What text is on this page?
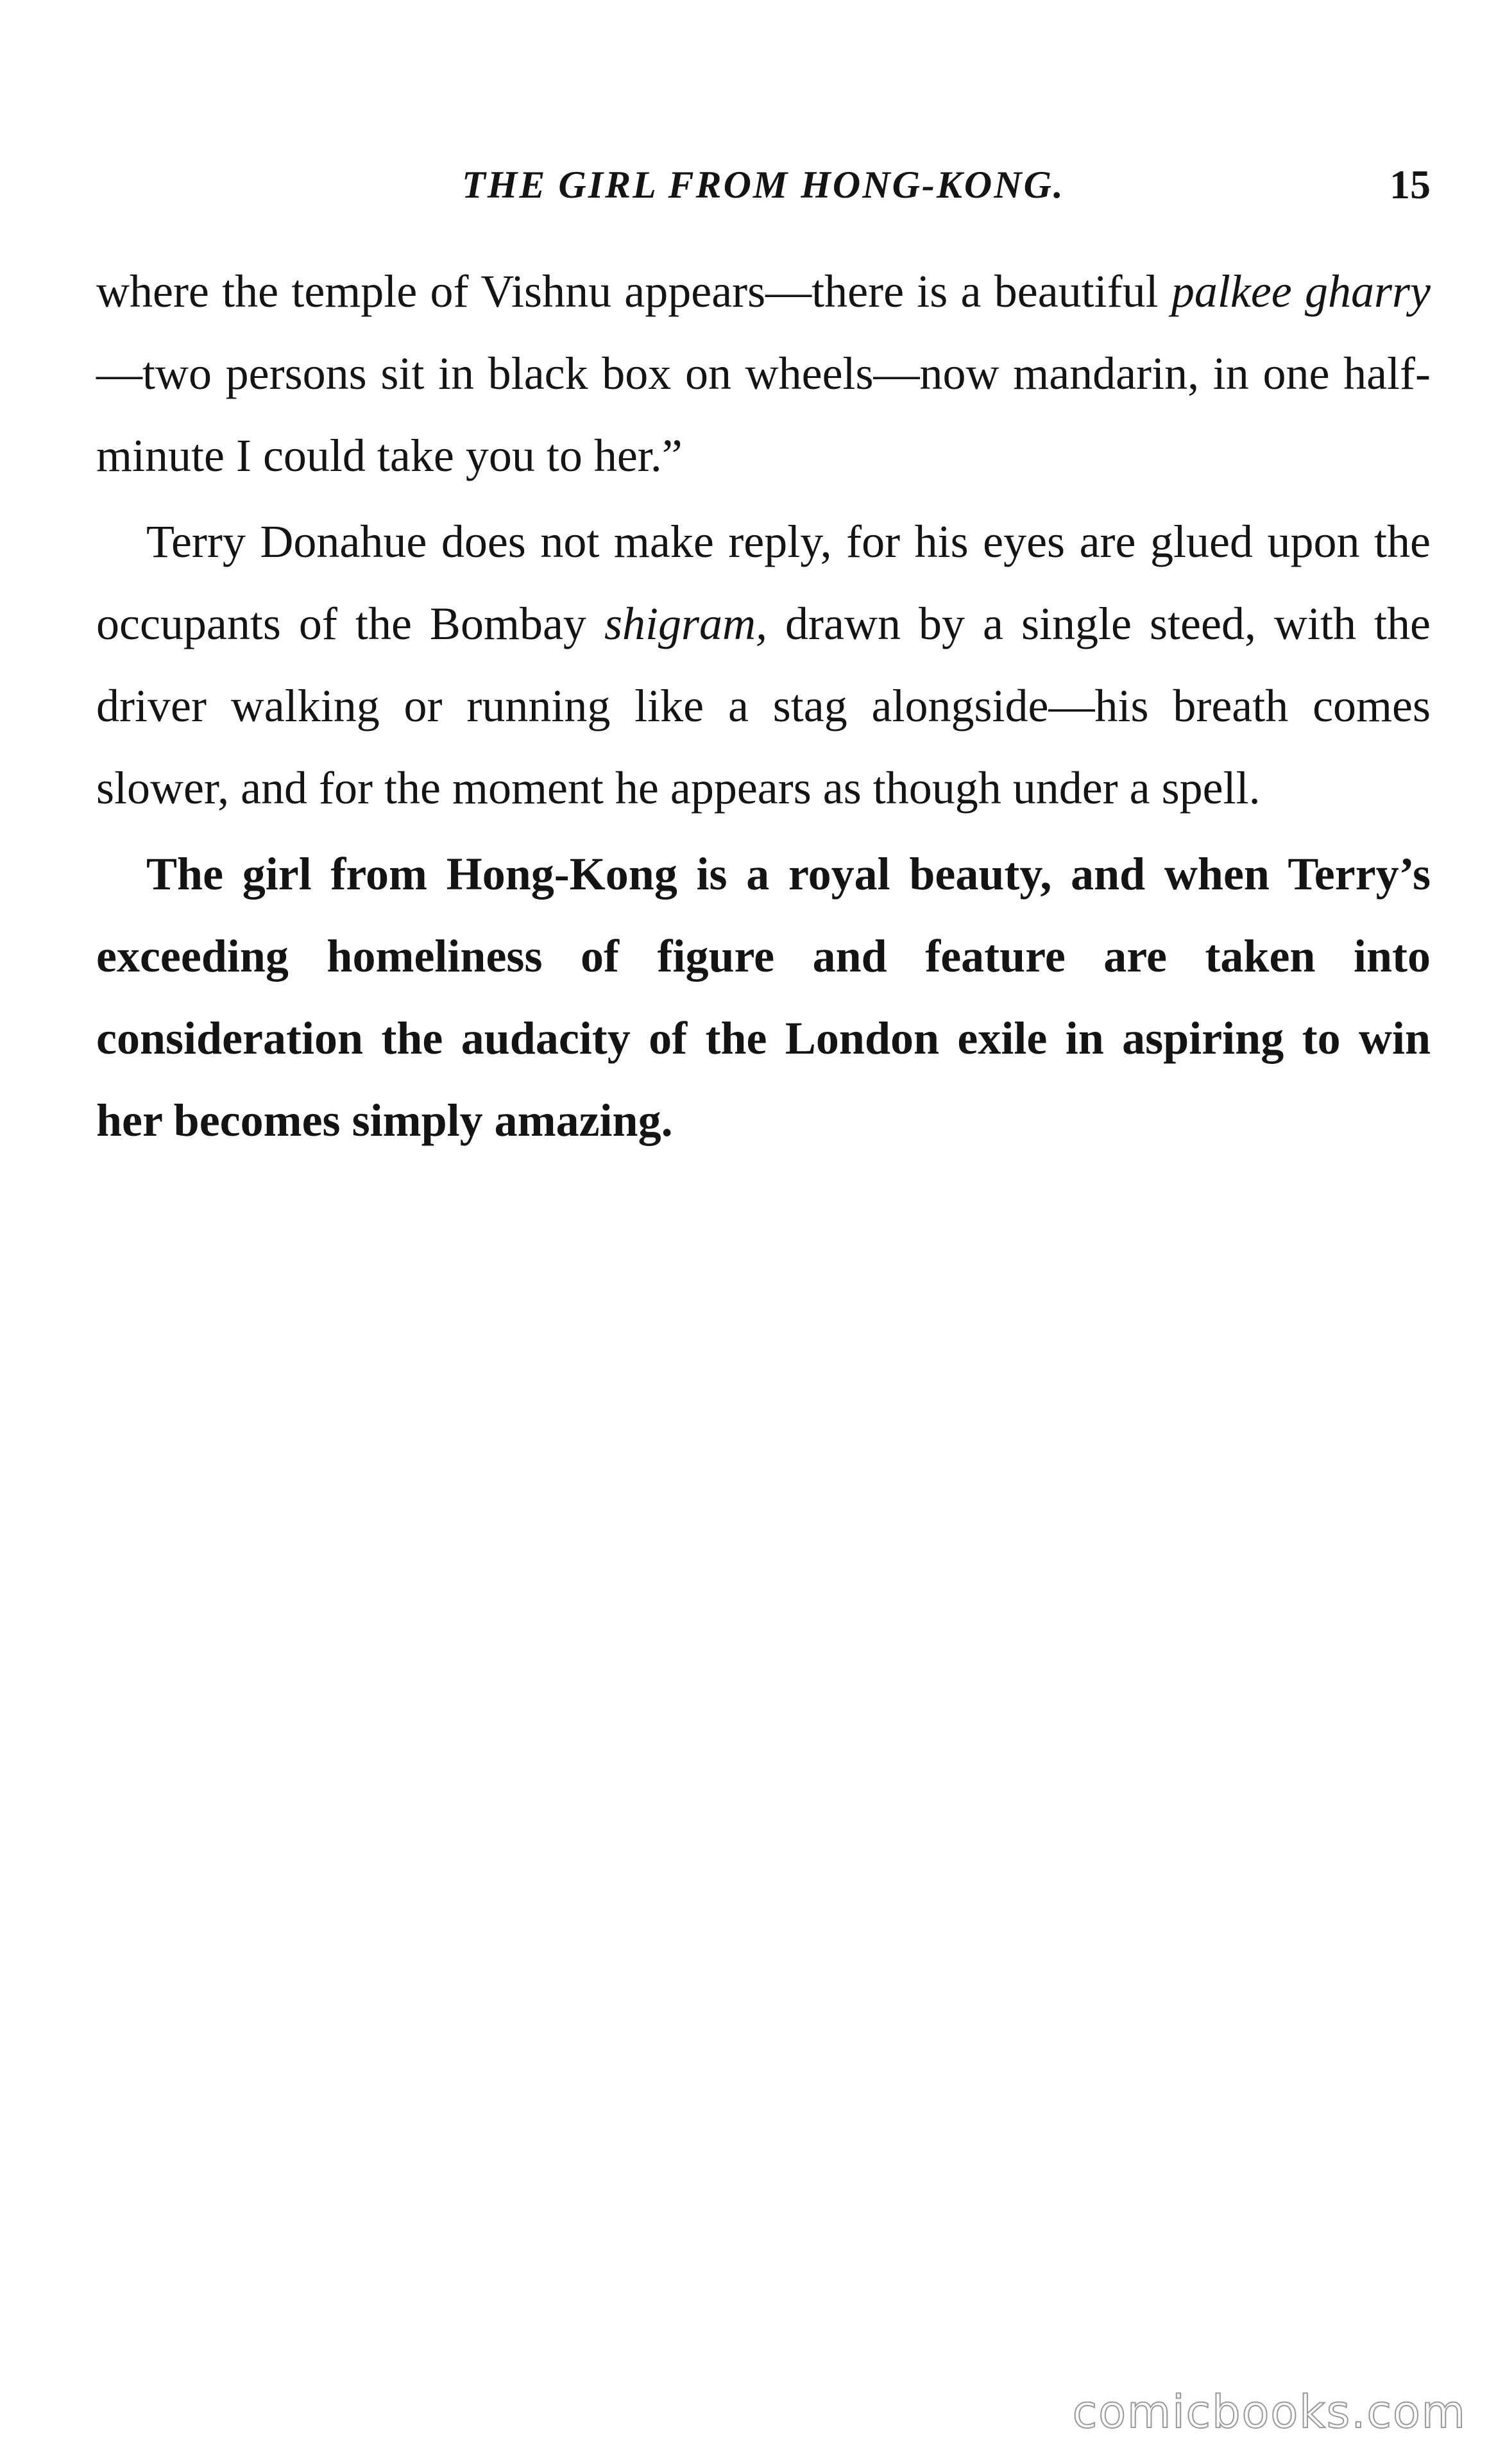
THE GIRL FROM HONG-KONG.	15

where the temple of Vishnu appears—there is a beautiful palkee gharry—two persons sit in black box on wheels—now mandarin, in one half-minute I could take you to her.”

Terry Donahue does not make reply, for his eyes are glued upon the occupants of the Bombay shigram, drawn by a single steed, with the driver walking or running like a stag alongside—his breath comes slower, and for the moment he appears as though under a spell.

The girl from Hong-Kong is a royal beauty, and when Terry’s exceeding homeliness of figure and feature are taken into consideration the audacity of the London exile in aspiring to win her becomes simply amazing.

comicbooks.com
